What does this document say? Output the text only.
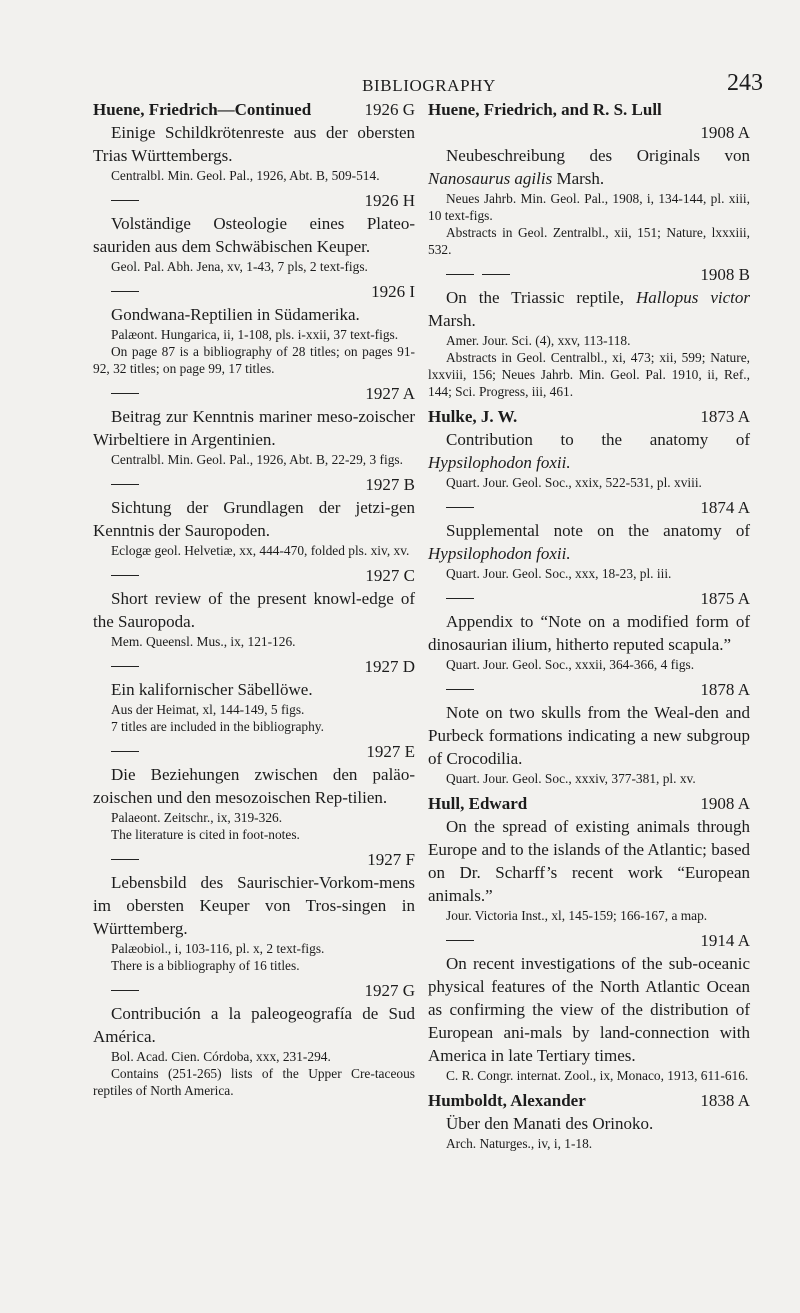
BIBLIOGRAPHY	243
Huene, Friedrich—Continued	1926 G

Einige Schildkrötenreste aus der obersten Trias Württembergs.

Centralbl. Min. Geol. Pal., 1926, Abt. B, 509-514.

1926 H

Volständige Osteologie eines Plateo-sauriden aus dem Schwäbischen Keuper.

Geol. Pal. Abh. Jena, xv, 1-43, 7 pls, 2 text-figs.

1926 I

Gondwana-Reptilien in Südamerika.

Palæont. Hungarica, ii, 1-108, pls. i-xxii, 37 text-figs.

On page 87 is a bibliography of 28 titles; on pages 91-92, 32 titles; on page 99, 17 titles.

1927 A

Beitrag zur Kenntnis mariner meso-zoischer Wirbeltiere in Argentinien.

Centralbl. Min. Geol. Pal., 1926, Abt. B, 22-29, 3 figs.

1927 B

Sichtung der Grundlagen der jetzi-gen Kenntnis der Sauropoden.

Eclogæ geol. Helvetiæ, xx, 444-470, folded pls. xiv, xv.

1927 C

Short review of the present knowl-edge of the Sauropoda.

Mem. Queensl. Mus., ix, 121-126.

1927 D

Ein kalifornischer Säbellöwe.

Aus der Heimat, xl, 144-149, 5 figs.

7 titles are included in the bibliography.

1927 E

Die Beziehungen zwischen den paläo-zoischen und den mesozoischen Rep-tilien.

Palaeont. Zeitschr., ix, 319-326.

The literature is cited in foot-notes.

1927 F

Lebensbild des Saurischier-Vorkom-mens im obersten Keuper von Tros-singen in Württemberg.

Palæobiol., i, 103-116, pl. x, 2 text-figs.

There is a bibliography of 16 titles.

1927 G

Contribución a la paleogeografía de Sud América.

Bol. Acad. Cien. Córdoba, xxx, 231-294.

Contains (251-265) lists of the Upper Cre-taceous reptiles of North America.

Huene, Friedrich, and R. S. Lull
1908 A

Neubeschreibung des Originals von Nanosaurus agilis Marsh.

Neues Jahrb. Min. Geol. Pal., 1908, i, 134-144, pl. xiii, 10 text-figs.

Abstracts in Geol. Zentralbl., xii, 151; Nature, lxxxiii, 532.

1908 B

On the Triassic reptile, Hallopus victor Marsh.

Amer. Jour. Sci. (4), xxv, 113-118.

Abstracts in Geol. Centralbl., xi, 473; xii, 599; Nature, lxxviii, 156; Neues Jahrb. Min. Geol. Pal. 1910, ii, Ref., 144; Sci. Progress, iii, 461.

Hulke, J. W.	1873 A

Contribution to the anatomy of Hypsilophodon foxii.

Quart. Jour. Geol. Soc., xxix, 522-531, pl. xviii.

1874 A

Supplemental note on the anatomy of Hypsilophodon foxii.

Quart. Jour. Geol. Soc., xxx, 18-23, pl. iii.

1875 A

Appendix to “Note on a modified form of dinosaurian ilium, hitherto reputed scapula.”

Quart. Jour. Geol. Soc., xxxii, 364-366, 4 figs.

1878 A

Note on two skulls from the Weal-den and Purbeck formations indicating a new subgroup of Crocodilia.

Quart. Jour. Geol. Soc., xxxiv, 377-381, pl. xv.

Hull, Edward	1908 A

On the spread of existing animals through Europe and to the islands of the Atlantic; based on Dr. Scharff’s recent work “European animals.”

Jour. Victoria Inst., xl, 145-159; 166-167, a map.

1914 A

On recent investigations of the sub-oceanic physical features of the North Atlantic Ocean as confirming the view of the distribution of European ani-mals by land-connection with America in late Tertiary times.

C. R. Congr. internat. Zool., ix, Monaco, 1913, 611-616.

Humboldt, Alexander	1838 A

Über den Manati des Orinoko.

Arch. Naturges., iv, i, 1-18.
